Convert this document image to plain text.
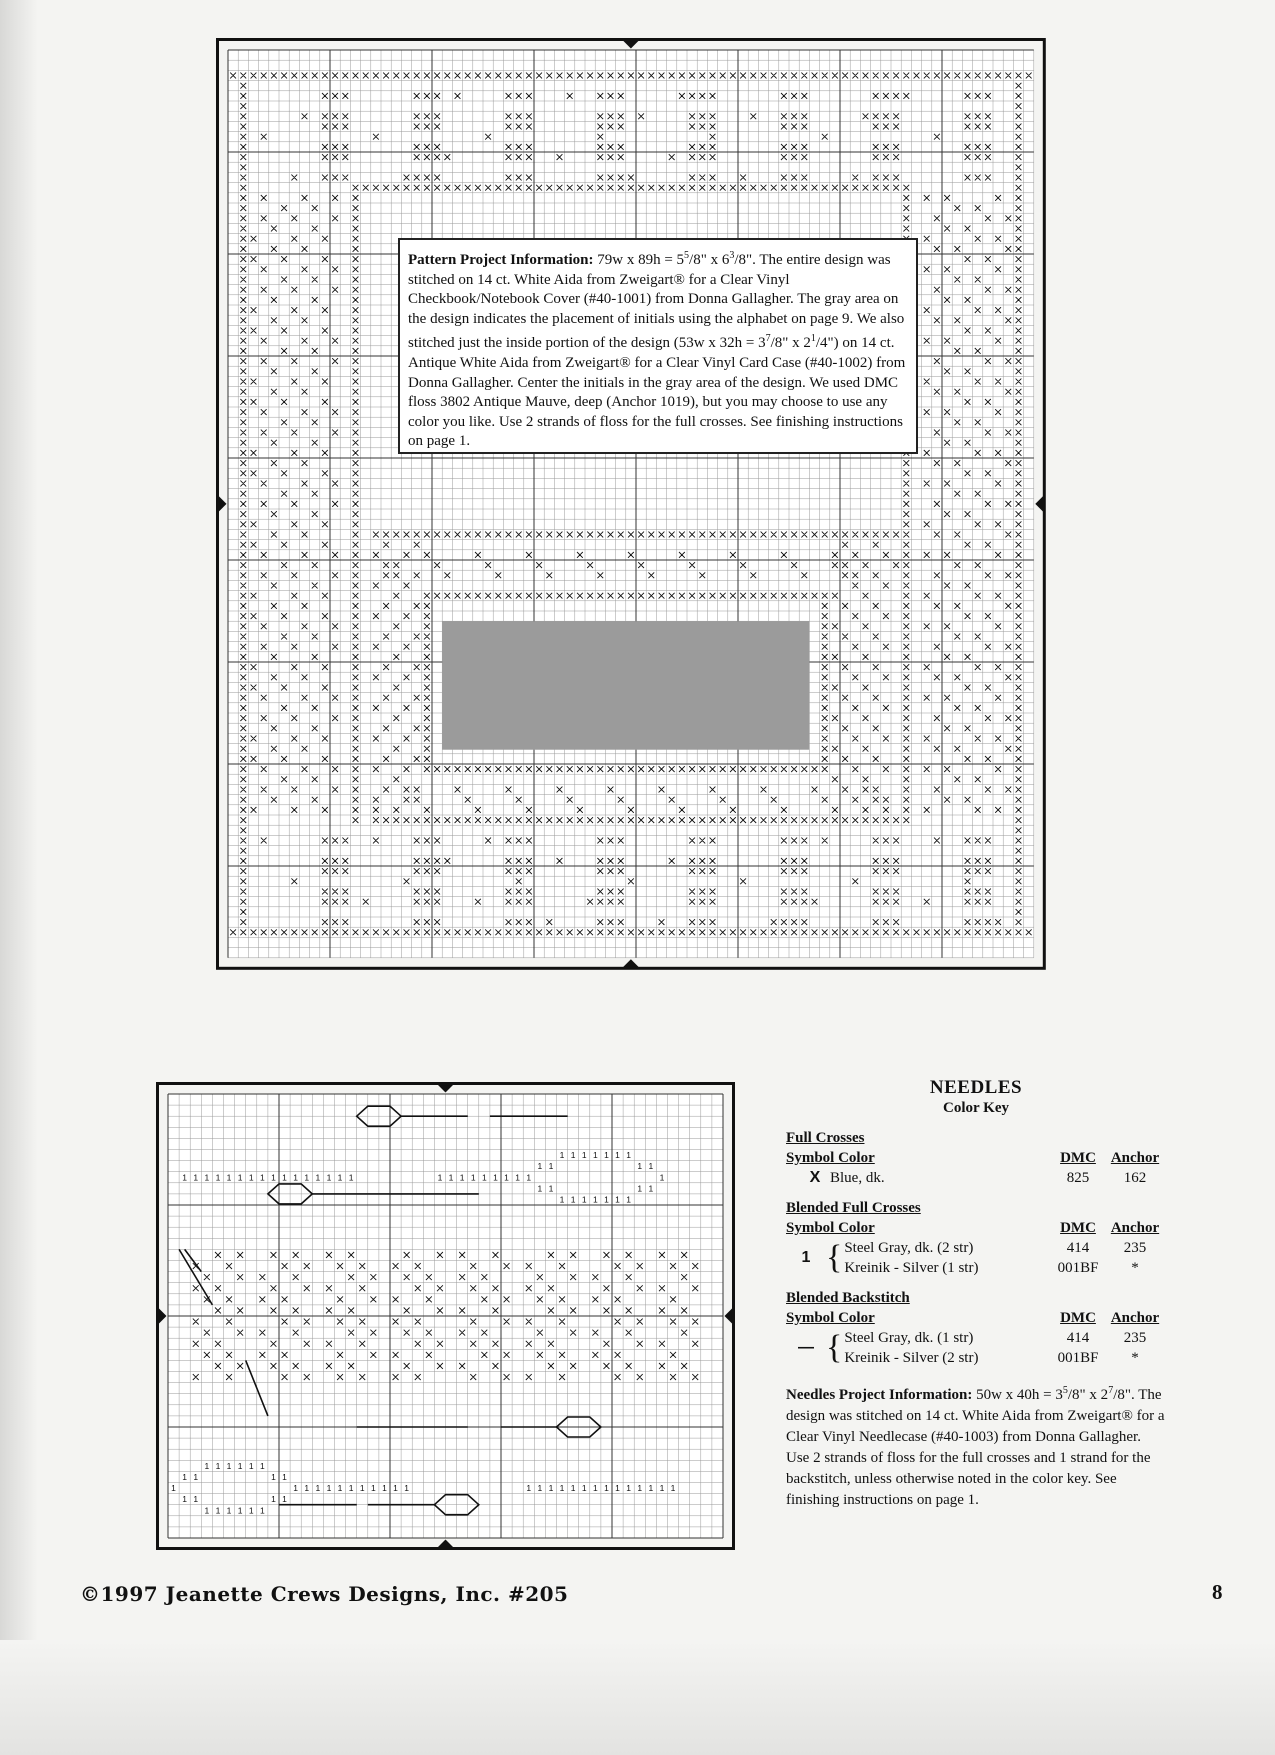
Pattern Project Information: 79w x $89h = 5^5/8$" x $6^3/8$". The entire design was stitched on 14 ct. White Aida from Zweigart® for a Clear Vinyl Checkbook/Notebook Cover (#40-1001) from Donna Gallagher. The gray area on the design indicates the placement of initials using the alphabet on page 9. We also stitched just the inside portion of the design (53w x $32h = 3^7/8$" x $2^1/4$") on 14 ct. Antique White Aida from Zweigart® for a Clear Vinyl Card Case (#40-1002) from Donna Gallagher. Center the initials in the gray area of the design. We used DMC floss 3802 Antique Mauve, deep (Anchor 1019), but you may choose to use any color you like. Use 2 strands of floss for the full crosses. See finishing instructions on page 1.
1 1 1 1 1 1 1 1 1 1 1 1 1 1 1 1	1 1 1 1 1 1 1 1 1
1
1
1
1
1
1
1
1
1
1
1
1
1
1
1 1
1 1
1 1
1 1
1
1
1
1
1
1
1
1
1
1
1
1
1
1 1
1 1
1
1 1
1 1
1 1 1 1 1 1 1 1 1 1 1	1 1 1 1 1 1 1 1 1 1 1 1 1 1
NEEDLES
Color Key
Full Crosses
Symbol Color	DMC Anchor
X Blue, dk.	825	162
Blended Full Crosses
Symbol Color	DMC Anchor
1 { Steel Gray, dk. (2 str)	414	235
Kreinik - Silver (1 str)	001BF	*
Blended Backstitch
Symbol Color	DMC Anchor
— { Steel Gray, dk. (1 str)	414	235
Kreinik - Silver (2 str)	001BF	*
Needles Project Information: 50w x $40h = 3^5/8$" x $2^7/8$". The design was stitched on 14 ct. White Aida from Zweigart® for a Clear Vinyl Needlecase (#40-1003) from Donna Gallagher. Use 2 strands of floss for the full crosses and 1 strand for the backstitch, unless otherwise noted in the color key. See finishing instructions on page 1.
©1997 Jeanette Crews Designs, Inc. #205	8
